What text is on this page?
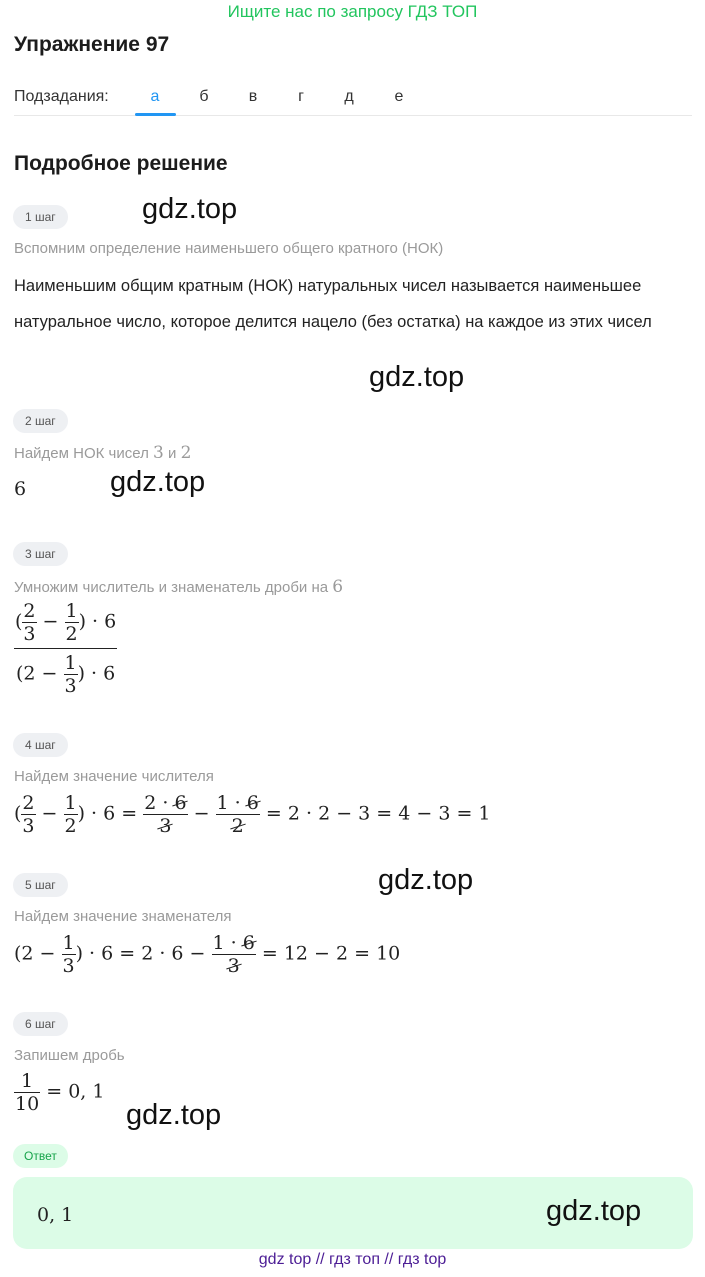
Ищите нас по запросу ГДЗ ТОП
Упражнение 97
Подзадания:	а	б	в	г	д	е
Подробное решение
1 шаг	gdz.top
Вспомним определение наименьшего общего кратного (НОК)
Наименьшим общим кратным (НОК) натуральных чисел называется наименьшее натуральное число, которое делится нацело (без остатка) на каждое из этих чисел
gdz.top
2 шаг
Найдем НОК чисел 3 и 2
6	gdz.top
3 шаг
Умножим числитель и знаменатель дроби на 6
( $\frac{2}{3} - \frac{1}{2}$ ) · 6
($2 - \frac{1}{3}$ ) · 6
4 шаг
Найдем значение числителя
( $\frac{2}{3} - \frac{1}{2}$ ) · $6 = \frac{2 \cdot 6}{3} - \frac{1 \cdot 6}{2} = 2 \cdot 2 - 3 = 4 - 3 = 1$
5 шаг	gdz.top
Найдем значение знаменателя
($2 - \frac{1}{3}$ ) · $6 = 2 \cdot 6 - \frac{1 \cdot 6}{3} = 12 - 2 = 10$
6 шаг
Запишем дробь
$\frac{1}{10} = 0$, 1
gdz.top
Ответ
0, 1	gdz.top
gdz top // гдз топ // гдз top
